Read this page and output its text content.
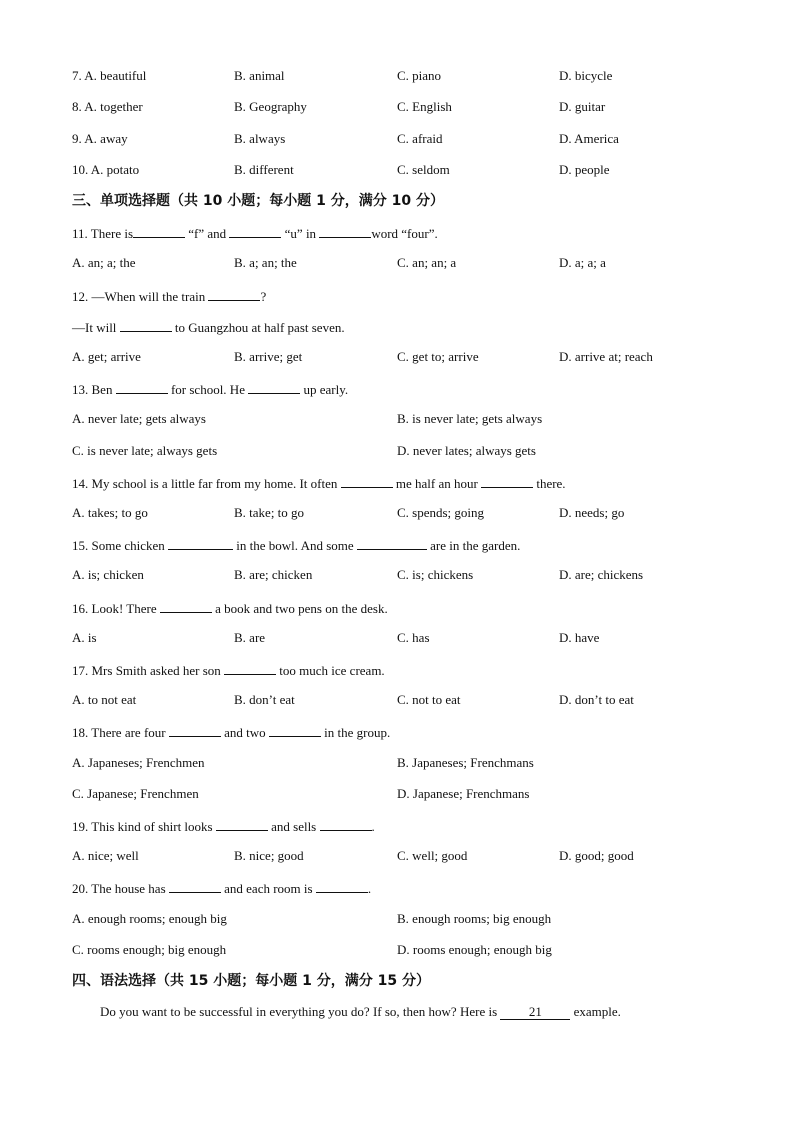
7. A. beautiful	B. animal	C. piano	D. bicycle
8. A. together	B. Geography	C. English	D. guitar
9. A. away	B. always	C. afraid	D. America
10. A. potato	B. different	C. seldom	D. people
三、单项选择题（共 10 小题；每小题 1 分，满分 10 分）
11. There is	“f” and	“u” in	word “four”.
A. an; a; the	B. a; an; the	C. an; an; a	D. a; a; a
12. —When will the train	?
—It will	to Guangzhou at half past seven.
A. get; arrive	B. arrive; get	C. get to; arrive	D. arrive at; reach
13. Ben	for school. He	up early.
A. never late; gets always	B. is never late; gets always
C. is never late; always gets	D. never lates; always gets
14. My school is a little far from my home. It often	me half an hour	there.
A. takes; to go	B. take; to go	C. spends; going	D. needs; go
15. Some chicken	in the bowl. And some	are in the garden.
A. is; chicken	B. are; chicken	C. is; chickens	D. are; chickens
16. Look! There	a book and two pens on the desk.
A. is	B. are	C. has	D. have
17. Mrs Smith asked her son	too much ice cream.
A. to not eat	B. don’t eat	C. not to eat	D. don’t to eat
18. There are four	and two	in the group.
A. Japaneses; Frenchmen	B. Japaneses; Frenchmans
C. Japanese; Frenchmen	D. Japanese; Frenchmans
19. This kind of shirt looks	and sells	.
A. nice; well	B. nice; good	C. well; good	D. good; good
20. The house has	and each room is	.
A. enough rooms; enough big	B. enough rooms; big enough
C. rooms enough; big enough	D. rooms enough; enough big
四、语法选择（共 15 小题；每小题 1 分，满分 15 分）
Do you want to be successful in everything you do? If so, then how? Here is 21 example.
